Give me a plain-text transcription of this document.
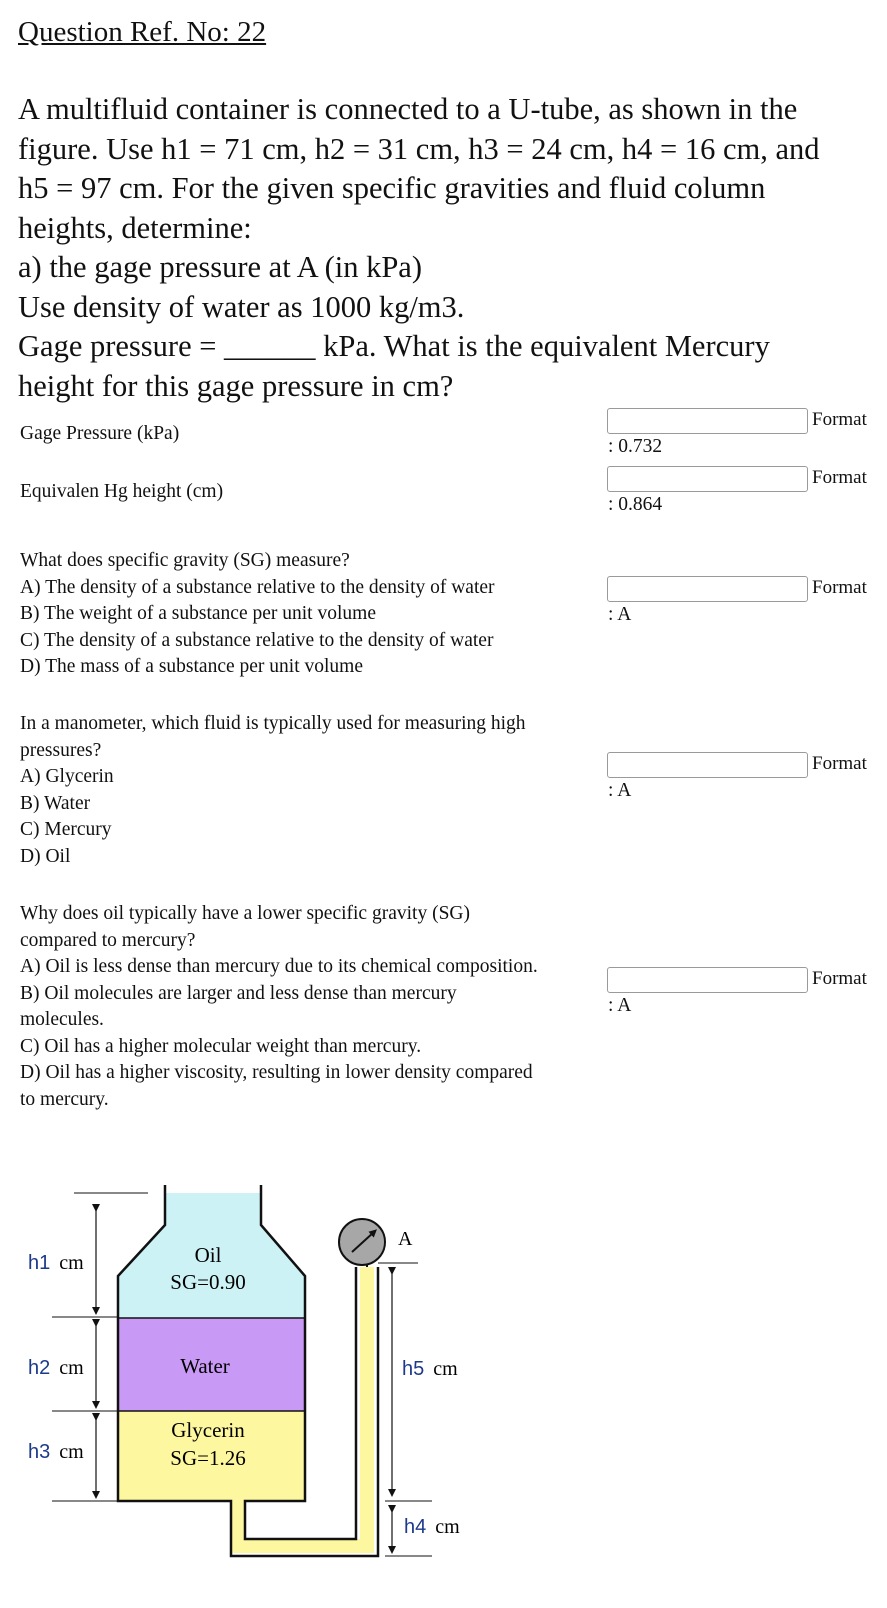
Question Ref. No: 22

A multifluid container is connected to a U-tube, as shown in the

figure. Use h1 = 71 cm, h2 = 31 cm, h3 = 24 cm, h4 = 16 cm, and

h5 = 97 cm. For the given specific gravities and fluid column

heights, determine:

a) the gage pressure at A (in kPa)

Use density of water as 1000 kg/m3.

Gage pressure = ______ kPa. What is the equivalent Mercury

height for this gage pressure in cm?

Gage Pressure (kPa)
Format
: 0.732
Equivalen Hg height (cm)
Format
: 0.864
What does specific gravity (SG) measure?
A) The density of a substance relative to the density of water
B) The weight of a substance per unit volume
C) The density of a substance relative to the density of water
D) The mass of a substance per unit volume
Format
: A
In a manometer, which fluid is typically used for measuring high
pressures?
A) Glycerin
B) Water
C) Mercury
D) Oil
Format
: A
Why does oil typically have a lower specific gravity (SG)
compared to mercury?
A) Oil is less dense than mercury due to its chemical composition.
B) Oil molecules are larger and less dense than mercury
molecules.
C) Oil has a higher molecular weight than mercury.
D) Oil has a higher viscosity, resulting in lower density compared
to mercury.
Format
: A
A
Oil
SG=0.90
Water
Glycerin
SG=1.26
h1 cm
h2 cm
h3 cm
h5 cm
h4 cm
